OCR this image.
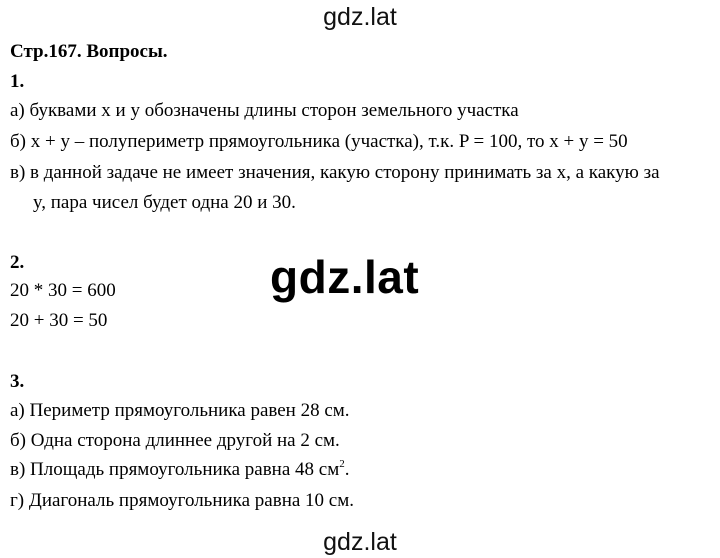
gdz.lat
Стр.167. Вопросы.
1.
а) буквами x и y обозначены длины сторон земельного участка
б) x + y – полупериметр прямоугольника (участка), т.к. P = 100, то x + y = 50
в) в данной задаче не имеет значения, какую сторону принимать за x, а какую за
y, пара чисел будет одна 20 и 30.
2.
20 * 30 = 600
20 + 30 = 50
gdz.lat
3.
а) Периметр прямоугольника равен 28 см.
б) Одна сторона длиннее другой на 2 см.
в) Площадь прямоугольника равна 48 $см^2$.
г) Диагональ прямоугольника равна 10 см.
gdz.lat
